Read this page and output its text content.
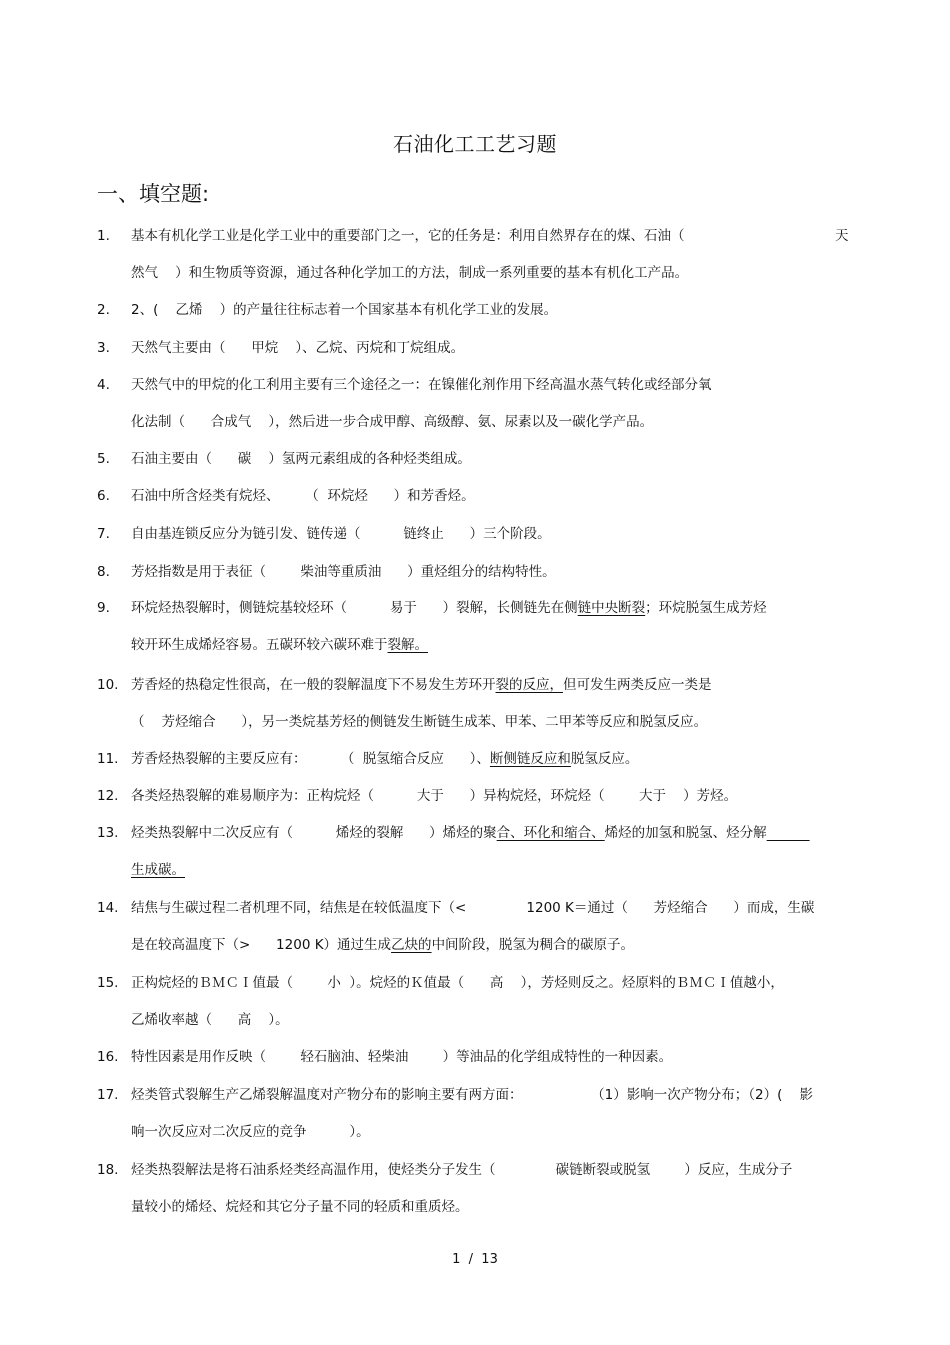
石油化工工艺习题
一、填空题:
1. 基本有机化学工业是化学工业中的重要部门之一，它的任务是：利用自然界存在的煤、石油（	天
然气    ）和生物质等资源，通过各种化学加工的方法，制成一系列重要的基本有机化工产品。
2. 2、(    乙烯    ）的产量往往标志着一个国家基本有机化学工业的发展。
3. 天然气主要由（      甲烷    ）、乙烷、丙烷和丁烷组成。
4. 天然气中的甲烷的化工利用主要有三个途径之一：在镍催化剂作用下经高温水蒸气转化或经部分氧
化法制（      合成气    ），然后进一步合成甲醇、高级醇、氨、尿素以及一碳化学产品。
5. 石油主要由（      碳    ）氢两元素组成的各种烃类组成。
6. 石油中所含烃类有烷烃、      （  环烷烃      ）和芳香烃。
7. 自由基连锁反应分为链引发、链传递（          链终止      ）三个阶段。
8. 芳烃指数是用于表征（        柴油等重质油      ）重烃组分的结构特性。
9. 环烷烃热裂解时，侧链烷基较烃环（          易于      ）裂解，长侧链先在侧链中央断裂；环烷脱氢生成芳烃
较开环生成烯烃容易。五碳环较六碳环难于裂解。
10. 芳香烃的热稳定性很高，在一般的裂解温度下不易发生芳环开裂的反应，但可发生两类反应一类是
（    芳烃缩合      ），另一类烷基芳烃的侧链发生断链生成苯、甲苯、二甲苯等反应和脱氢反应。
11. 芳香烃热裂解的主要反应有：        （  脱氢缩合反应      ）、断侧链反应和脱氢反应。
12. 各类烃热裂解的难易顺序为：正构烷烃（          大于      ）异构烷烃，环烷烃（        大于    ）芳烃。
13. 烃类热裂解中二次反应有（          烯烃的裂解      ）烯烃的聚合、环化和缩合、烯烃的加氢和脱氢、烃分解
生成碳。
14. 结焦与生碳过程二者机理不同，结焦是在较低温度下（<              1200 K＝通过（      芳烃缩合      ）而成，生碳
是在较高温度下（>      1200 K）通过生成乙炔的中间阶段，脱氢为稠合的碳原子。
15. 正构烷烃的ＢＭＣＩ值最（        小  ）。烷烃的Ｋ值最（      高    ），芳烃则反之。烃原料的ＢＭＣＩ值越小，
乙烯收率越（      高    ）。
16. 特性因素是用作反映（        轻石脑油、轻柴油        ）等油品的化学组成特性的一种因素。
17. 烃类管式裂解生产乙烯裂解温度对产物分布的影响主要有两方面：                （1）影响一次产物分布；（2）(    影
响一次反应对二次反应的竞争          ）。
18. 烃类热裂解法是将石油系烃类经高温作用，使烃类分子发生（              碳链断裂或脱氢        ）反应，生成分子
量较小的烯烃、烷烃和其它分子量不同的轻质和重质烃。
1  /  13
